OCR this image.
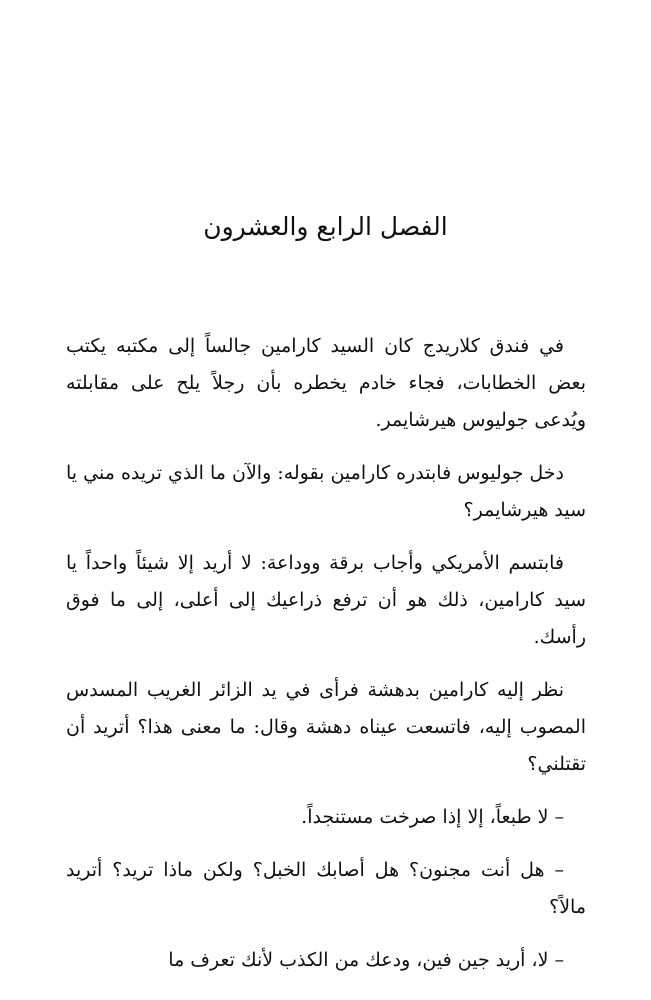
الفصل الرابع والعشرون

في فندق كلاريدج كان السيد كارامين جالساً إلى مكتبه يكتب بعض الخطابات، فجاء خادم يخطره بأن رجلاً يلح على مقابلته ويُدعى جوليوس هيرشايمر.

دخل جوليوس فابتدره كارامين بقوله: والآن ما الذي تريده مني يا سيد هيرشايمر؟

فابتسم الأمريكي وأجاب برقة ووداعة: لا أريد إلا شيئاً واحداً يا سيد كارامين، ذلك هو أن ترفع ذراعيك إلى أعلى، إلى ما فوق رأسك.

نظر إليه كارامين بدهشة فرأى في يد الزائر الغريب المسدس المصوب إليه، فاتسعت عيناه دهشة وقال: ما معنى هذا؟ أتريد أن تقتلني؟

– لا طبعاً، إلا إذا صرخت مستنجداً.

– هل أنت مجنون؟ هل أصابك الخبل؟ ولكن ماذا تريد؟ أتريد مالاً؟

– لا، أريد جين فين، ودعك من الكذب لأنك تعرف ما
